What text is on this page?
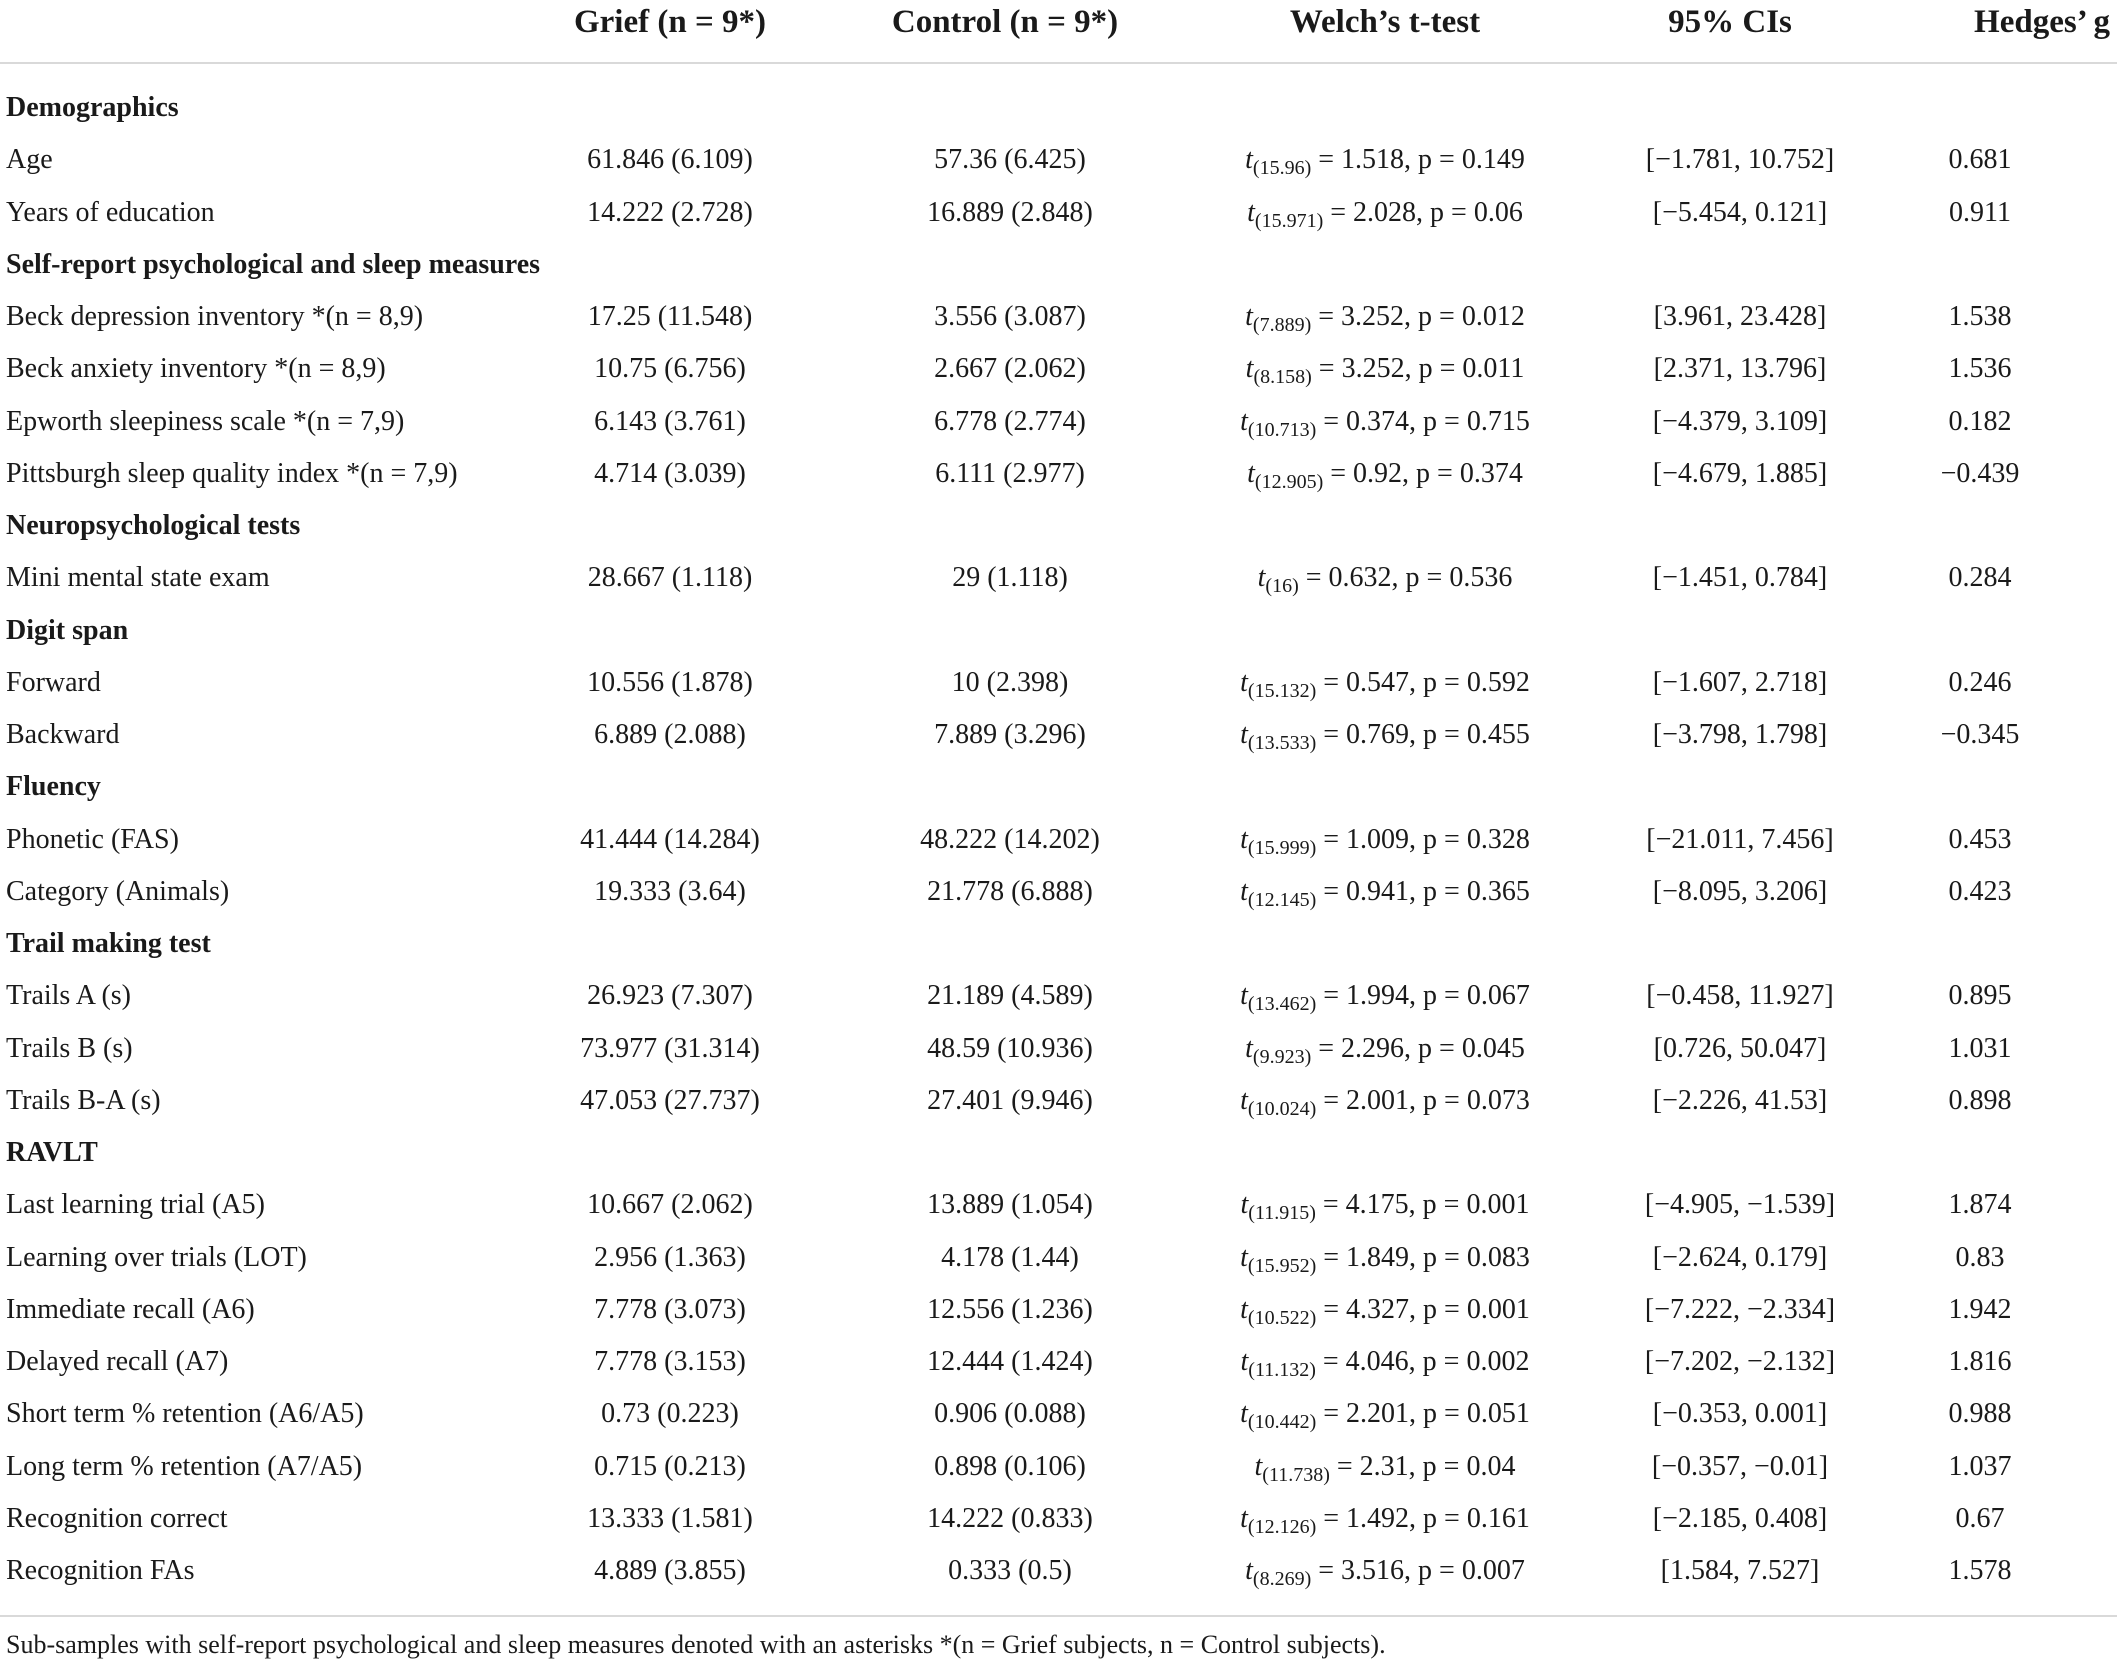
Grief (n = 9*)	Control (n = 9*)	Welch’s t-test	95% CIs	Hedges’ g
Demographics
Age	61.846 (6.109)	57.36 (6.425)	$t_{(15.96)} = 1.518$, p = 0.149	[−1.781, 10.752]	0.681
Years of education	14.222 (2.728)	16.889 (2.848)	$t_{(15.971)} = 2.028$, p = 0.06	[−5.454, 0.121]	0.911
Self-report psychological and sleep measures
Beck depression inventory *(n = 8,9)	17.25 (11.548)	3.556 (3.087)	$t_{(7.889)} = 3.252$, p = 0.012	[3.961, 23.428]	1.538
Beck anxiety inventory *(n = 8,9)	10.75 (6.756)	2.667 (2.062)	$t_{(8.158)} = 3.252$, p = 0.011	[2.371, 13.796]	1.536
Epworth sleepiness scale *(n = 7,9)	6.143 (3.761)	6.778 (2.774)	$t_{(10.713)} = 0.374$, p = 0.715	[−4.379, 3.109]	0.182
Pittsburgh sleep quality index *(n = 7,9)	4.714 (3.039)	6.111 (2.977)	$t_{(12.905)} = 0.92$, p = 0.374	[−4.679, 1.885]	−0.439
Neuropsychological tests
Mini mental state exam	28.667 (1.118)	29 (1.118)	$t_{(16)} = 0.632$, p = 0.536	[−1.451, 0.784]	0.284
Digit span
Forward	10.556 (1.878)	10 (2.398)	$t_{(15.132)} = 0.547$, p = 0.592	[−1.607, 2.718]	0.246
Backward	6.889 (2.088)	7.889 (3.296)	$t_{(13.533)} = 0.769$, p = 0.455	[−3.798, 1.798]	−0.345
Fluency
Phonetic (FAS)	41.444 (14.284)	48.222 (14.202)	$t_{(15.999)} = 1.009$, p = 0.328	[−21.011, 7.456]	0.453
Category (Animals)	19.333 (3.64)	21.778 (6.888)	$t_{(12.145)} = 0.941$, p = 0.365	[−8.095, 3.206]	0.423
Trail making test
Trails A (s)	26.923 (7.307)	21.189 (4.589)	$t_{(13.462)} = 1.994$, p = 0.067	[−0.458, 11.927]	0.895
Trails B (s)	73.977 (31.314)	48.59 (10.936)	$t_{(9.923)} = 2.296$, p = 0.045	[0.726, 50.047]	1.031
Trails B-A (s)	47.053 (27.737)	27.401 (9.946)	$t_{(10.024)} = 2.001$, p = 0.073	[−2.226, 41.53]	0.898
RAVLT
Last learning trial (A5)	10.667 (2.062)	13.889 (1.054)	$t_{(11.915)} = 4.175$, p = 0.001	[−4.905, −1.539]	1.874
Learning over trials (LOT)	2.956 (1.363)	4.178 (1.44)	$t_{(15.952)} = 1.849$, p = 0.083	[−2.624, 0.179]	0.83
Immediate recall (A6)	7.778 (3.073)	12.556 (1.236)	$t_{(10.522)} = 4.327$, p = 0.001	[−7.222, −2.334]	1.942
Delayed recall (A7)	7.778 (3.153)	12.444 (1.424)	$t_{(11.132)} = 4.046$, p = 0.002	[−7.202, −2.132]	1.816
Short term % retention (A6/A5)	0.73 (0.223)	0.906 (0.088)	$t_{(10.442)} = 2.201$, p = 0.051	[−0.353, 0.001]	0.988
Long term % retention (A7/A5)	0.715 (0.213)	0.898 (0.106)	$t_{(11.738)} = 2.31$, p = 0.04	[−0.357, −0.01]	1.037
Recognition correct	13.333 (1.581)	14.222 (0.833)	$t_{(12.126)} = 1.492$, p = 0.161	[−2.185, 0.408]	0.67
Recognition FAs	4.889 (3.855)	0.333 (0.5)	$t_{(8.269)} = 3.516$, p = 0.007	[1.584, 7.527]	1.578
Sub-samples with self-report psychological and sleep measures denoted with an asterisks *(n = Grief subjects, n = Control subjects).
